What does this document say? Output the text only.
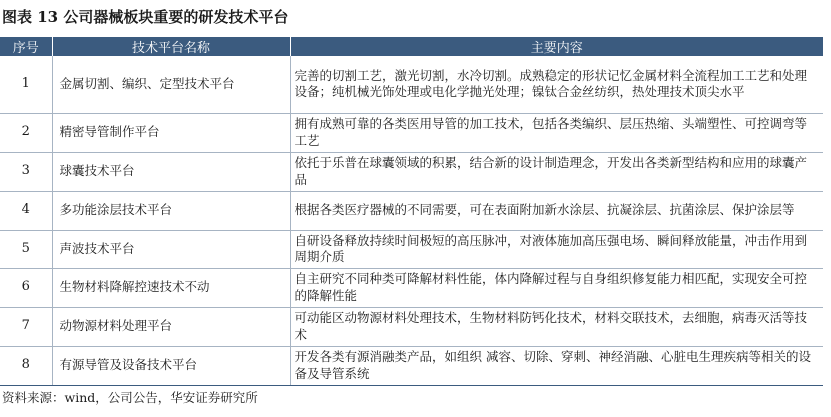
图表 13 公司器械板块重要的研发技术平台
序号	技术平台名称	主要内容
1	金属切割、编织、定型技术平台	完善的切割工艺，激光切割，水冷切割。成熟稳定的形状记忆金属材料全流程加工工艺和处理设备；纯机械光饰处理或电化学抛光处理；镍钛合金丝纺织，热处理技术顶尖水平
2	精密导管制作平台	拥有成熟可靠的各类医用导管的加工技术，包括各类编织、层压热缩、头端塑性、可控调弯等工艺
3	球囊技术平台	依托于乐普在球囊领域的积累，结合新的设计制造理念，开发出各类新型结构和应用的球囊产品
4	多功能涂层技术平台	根据各类医疗器械的不同需要，可在表面附加新水涂层、抗凝涂层、抗菌涂层、保护涂层等
5	声波技术平台	自研设备释放持续时间极短的高压脉冲，对液体施加高压强电场、瞬间释放能量，冲击作用到周期介质
6	生物材料降解控速技术不动	自主研究不同种类可降解材料性能，体内降解过程与自身组织修复能力相匹配，实现安全可控的降解性能
7	动物源材料处理平台	可动能区动物源材料处理技术，生物材料防钙化技术，材料交联技术，去细胞，病毒灭活等技术
8	有源导管及设备技术平台	开发各类有源消融类产品，如组织 减容、切除、穿刺、神经消融、心脏电生理疾病等相关的设备及导管系统
资料来源：wind，公司公告，华安证券研究所
